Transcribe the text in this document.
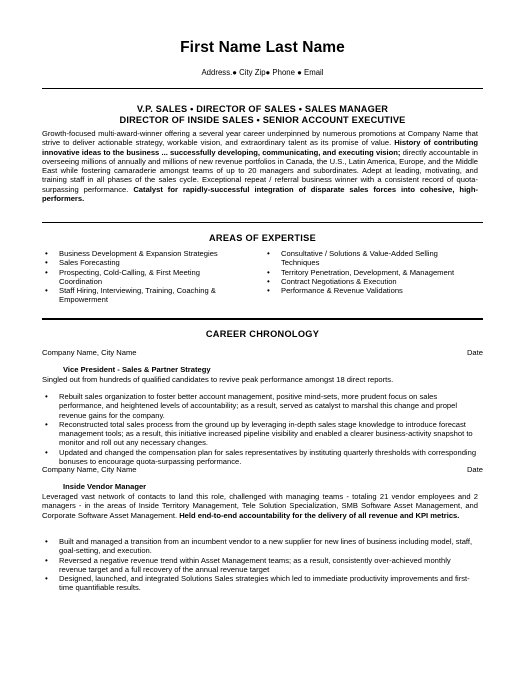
First Name Last Name
Address.● City Zip● Phone ● Email
V.P. SALES • DIRECTOR OF SALES • SALES MANAGER
DIRECTOR OF INSIDE SALES • SENIOR ACCOUNT EXECUTIVE
Growth-focused multi-award-winner offering a several year career underpinned by numerous promotions at Company Name that strive to deliver actionable strategy, workable vision, and extraordinary talent as its promise of value. History of contributing innovative ideas to the business ... successfully developing, communicating, and executing vision; directly accountable in overseeing millions of annually and millions of new revenue portfolios in Canada, the U.S., Latin America, Europe, and the Middle East while fostering camaraderie amongst teams of up to 20 managers and subordinates. Adept at leading, motivating, and training staff in all phases of the sales cycle. Exceptional repeat / referral business winner with a consistent record of quota-surpassing performance. Catalyst for rapidly-successful integration of disparate sales forces into cohesive, high-performers.
AREAS OF EXPERTISE
• Business Development & Expansion Strategies
• Sales Forecasting
• Prospecting, Cold-Calling, & First Meeting Coordination
• Staff Hiring, Interviewing, Training, Coaching & Empowerment
• Consultative / Solutions & Value-Added Selling Techniques
• Territory Penetration, Development, & Management
• Contract Negotiations & Execution
• Performance & Revenue Validations
CAREER CHRONOLOGY
Company Name, City Name	Date
Vice President - Sales & Partner Strategy
Singled out from hundreds of qualified candidates to revive peak performance amongst 18 direct reports.
• Rebuilt sales organization to foster better account management, positive mind-sets, more prudent focus on sales performance, and heightened levels of accountability; as a result, served as catalyst to marshal this change and propel revenue gains for the company.
• Reconstructed total sales process from the ground up by leveraging in-depth sales stage knowledge to introduce forecast management tools; as a result, this initiative increased pipeline visibility and enabled a clearer business-activity snapshot to monitor and roll out any necessary changes.
• Updated and changed the compensation plan for sales representatives by instituting quarterly thresholds with corresponding bonuses to encourage quota-surpassing performance.
Company Name, City Name	Date
Inside Vendor Manager
Leveraged vast network of contacts to land this role, challenged with managing teams - totaling 21 vendor employees and 2 managers - in the areas of Inside Territory Management, Tele Solution Specialization, SMB Software Asset Management, and Corporate Software Asset Management. Held end-to-end accountability for the delivery of all revenue and KPI metrics.
• Built and managed a transition from an incumbent vendor to a new supplier for new lines of business including model, staff, goal-setting, and execution.
• Reversed a negative revenue trend within Asset Management teams; as a result, consistently over-achieved monthly revenue target and a full recovery of the annual revenue target
• Designed, launched, and integrated Solutions Sales strategies which led to immediate productivity improvements and first-time quantifiable results.
